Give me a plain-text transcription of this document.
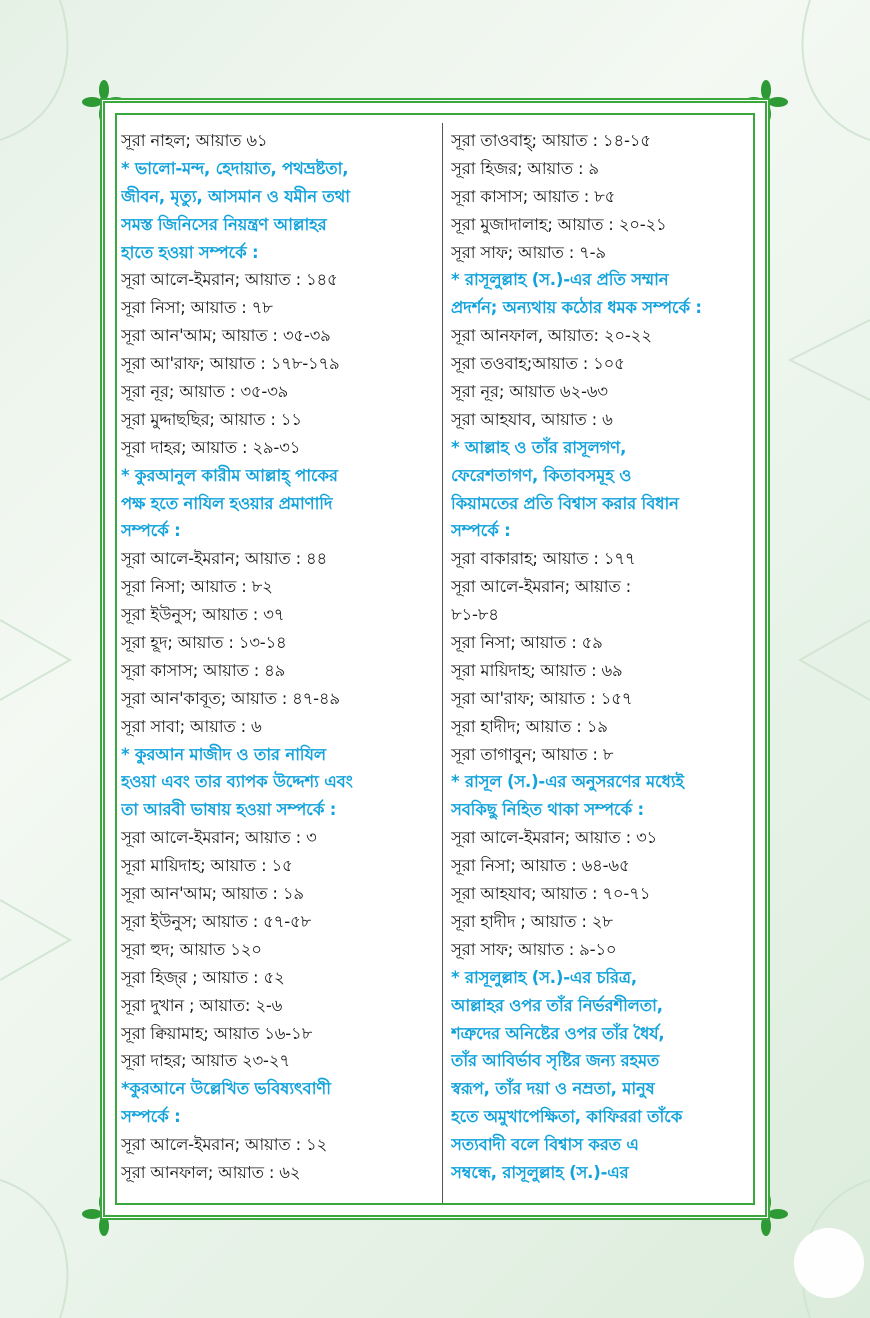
সূরা নাহল; আয়াত ৬১
* ভালো-মন্দ, হেদায়াত, পথভ্রষ্টতা,
জীবন, মৃত্যু, আসমান ও যমীন তথা
সমস্ত জিনিসের নিয়ন্ত্রণ আল্লাহর
হাতে হওয়া সম্পর্কে :
সূরা আলে-ইমরান; আয়াত : ১৪৫
সূরা নিসা; আয়াত : ৭৮
সূরা আন'আম; আয়াত : ৩৫-৩৯
সূরা আ'রাফ; আয়াত : ১৭৮-১৭৯
সূরা নূর; আয়াত : ৩৫-৩৯
সূরা মুদ্দাছছির; আয়াত : ১১
সূরা দাহর; আয়াত : ২৯-৩১
* কুরআনুল কারীম আল্লাহ্ পাকের
পক্ষ হতে নাযিল হওয়ার প্রমাণাদি
সম্পর্কে :
সূরা আলে-ইমরান; আয়াত : ৪৪
সূরা নিসা; আয়াত : ৮২
সূরা ইউনুস; আয়াত : ৩৭
সূরা হূদ; আয়াত : ১৩-১৪
সূরা কাসাস; আয়াত : ৪৯
সূরা আন'কাবূত; আয়াত : ৪৭-৪৯
সূরা সাবা; আয়াত : ৬
* কুরআন মাজীদ ও তার নাযিল
হওয়া এবং তার ব্যাপক উদ্দেশ্য এবং
তা আরবী ভাষায় হওয়া সম্পর্কে :
সূরা আলে-ইমরান; আয়াত : ৩
সূরা মায়িদাহ; আয়াত : ১৫
সূরা আন'আম; আয়াত : ১৯
সূরা ইউনুস; আয়াত : ৫৭-৫৮
সূরা হুদ; আয়াত ১২০
সূরা হিজ্‌র ; আয়াত : ৫২
সূরা দুখান ; আয়াত: ২-৬
সূরা ক্বিয়ামাহ; আয়াত ১৬-১৮
সূরা দাহর; আয়াত ২৩-২৭
*কুরআনে উল্লেখিত ভবিষ্যৎবাণী
সম্পর্কে :
সূরা আলে-ইমরান; আয়াত : ১২
সূরা আনফাল; আয়াত : ৬২
সূরা তাওবাহ্; আয়াত : ১৪-১৫
সূরা হিজর; আয়াত : ৯
সূরা কাসাস; আয়াত : ৮৫
সূরা মুজাদালাহ; আয়াত : ২০-২১
সূরা সাফ; আয়াত : ৭-৯
* রাসূলুল্লাহ (স.)-এর প্রতি সম্মান
প্রদর্শন; অন্যথায় কঠোর ধমক সম্পর্কে :
সূরা আনফাল, আয়াত: ২০-২২
সূরা তওবাহ;আয়াত : ১০৫
সূরা নূর; আয়াত ৬২-৬৩
সূরা আহযাব, আয়াত : ৬
* আল্লাহ ও তাঁর রাসূলগণ,
ফেরেশতাগণ, কিতাবসমূহ ও
কিয়ামতের প্রতি বিশ্বাস করার বিধান
সম্পর্কে :
সূরা বাকারাহ; আয়াত : ১৭৭
সূরা আলে-ইমরান; আয়াত :
৮১-৮৪
সূরা নিসা; আয়াত : ৫৯
সূরা মায়িদাহ; আয়াত : ৬৯
সূরা আ'রাফ; আয়াত : ১৫৭
সূরা হাদীদ; আয়াত : ১৯
সূরা তাগাবুন; আয়াত : ৮
* রাসূল (স.)-এর অনুসরণের মধ্যেই
সবকিছু নিহিত থাকা সম্পর্কে :
সূরা আলে-ইমরান; আয়াত : ৩১
সূরা নিসা; আয়াত : ৬৪-৬৫
সূরা আহযাব; আয়াত : ৭০-৭১
সূরা হাদীদ ; আয়াত : ২৮
সূরা সাফ; আয়াত : ৯-১০
* রাসূলুল্লাহ (স.)-এর চরিত্র,
আল্লাহর ওপর তাঁর নির্ভরশীলতা,
শত্রুদের অনিষ্টের ওপর তাঁর ধৈর্য,
তাঁর আবির্ভাব সৃষ্টির জন্য রহমত
স্বরূপ, তাঁর দয়া ও নম্রতা, মানুষ
হতে অমুখাপেক্ষিতা, কাফিররা তাঁকে
সত্যবাদী বলে বিশ্বাস করত এ
সম্বন্ধে, রাসূলুল্লাহ (স.)-এর
